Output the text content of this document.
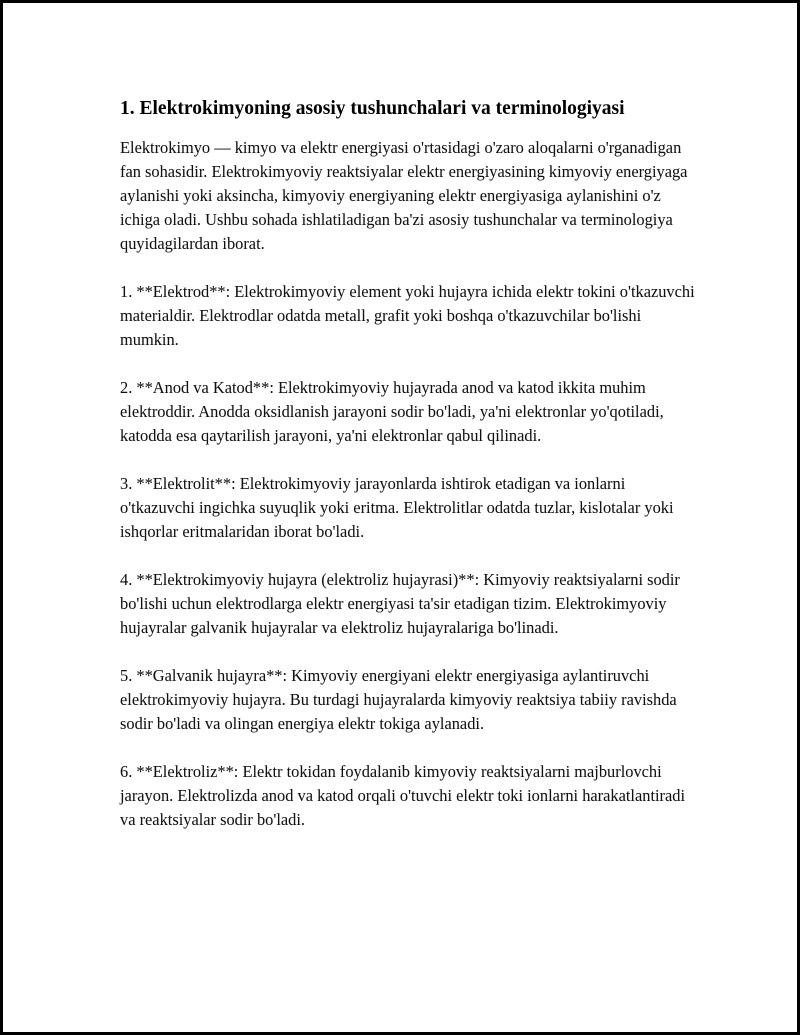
1. Elektrokimyoning asosiy tushunchalari va terminologiyasi

Elektrokimyo — kimyo va elektr energiyasi o'rtasidagi o'zaro aloqalarni o'rganadigan fan sohasidir. Elektrokimyoviy reaktsiyalar elektr energiyasining kimyoviy energiyaga aylanishi yoki aksincha, kimyoviy energiyaning elektr energiyasiga aylanishini o'z ichiga oladi. Ushbu sohada ishlatiladigan ba'zi asosiy tushunchalar va terminologiya quyidagilardan iborat.

1. **Elektrod**: Elektrokimyoviy element yoki hujayra ichida elektr tokini o'tkazuvchi materialdir. Elektrodlar odatda metall, grafit yoki boshqa o'tkazuvchilar bo'lishi mumkin.

2. **Anod va Katod**: Elektrokimyoviy hujayrada anod va katod ikkita muhim elektroddir. Anodda oksidlanish jarayoni sodir bo'ladi, ya'ni elektronlar yo'qotiladi, katodda esa qaytarilish jarayoni, ya'ni elektronlar qabul qilinadi.

3. **Elektrolit**: Elektrokimyoviy jarayonlarda ishtirok etadigan va ionlarni o'tkazuvchi ingichka suyuqlik yoki eritma. Elektrolitlar odatda tuzlar, kislotalar yoki ishqorlar eritmalaridan iborat bo'ladi.

4. **Elektrokimyoviy hujayra (elektroliz hujayrasi)**: Kimyoviy reaktsiyalarni sodir bo'lishi uchun elektrodlarga elektr energiyasi ta'sir etadigan tizim. Elektrokimyoviy hujayralar galvanik hujayralar va elektroliz hujayralariga bo'linadi.

5. **Galvanik hujayra**: Kimyoviy energiyani elektr energiyasiga aylantiruvchi elektrokimyoviy hujayra. Bu turdagi hujayralarda kimyoviy reaktsiya tabiiy ravishda sodir bo'ladi va olingan energiya elektr tokiga aylanadi.

6. **Elektroliz**: Elektr tokidan foydalanib kimyoviy reaktsiyalarni majburlovchi jarayon. Elektrolizda anod va katod orqali o'tuvchi elektr toki ionlarni harakatlantiradi va reaktsiyalar sodir bo'ladi.
